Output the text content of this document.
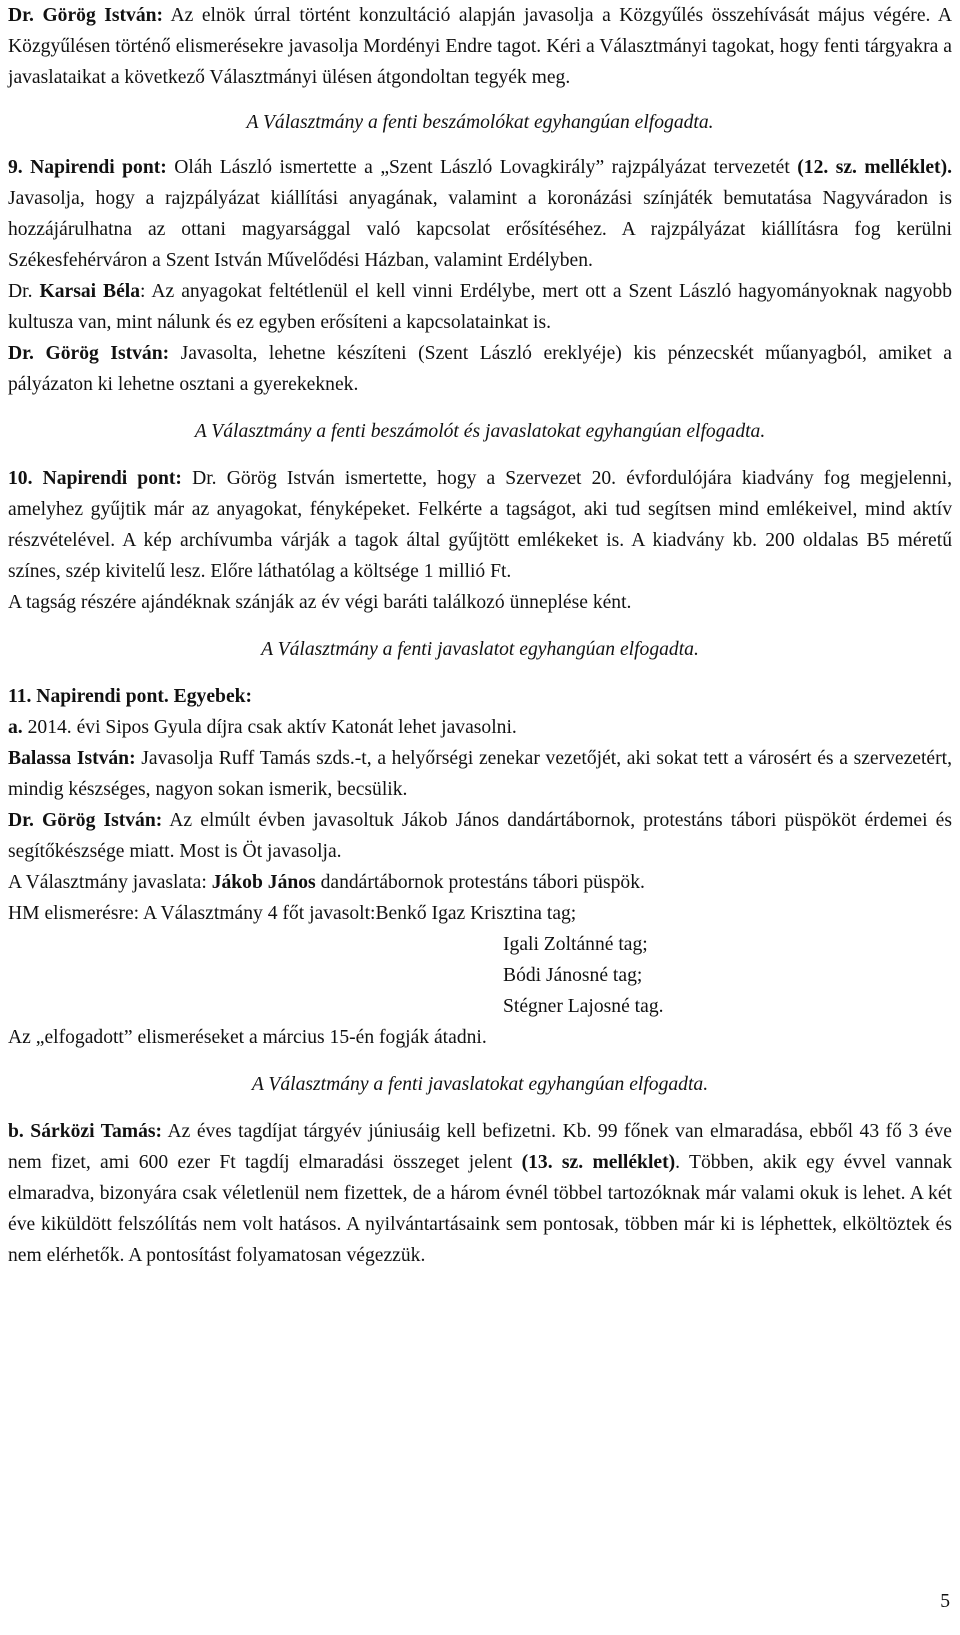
Dr. Görög István: Az elnök úrral történt konzultáció alapján javasolja a Közgyűlés összehívását május végére. A Közgyűlésen történő elismerésekre javasolja Mordényi Endre tagot. Kéri a Választmányi tagokat, hogy fenti tárgyakra a javaslataikat a következő Választmányi ülésen átgondoltan tegyék meg.

A Választmány a fenti beszámolókat egyhangúan elfogadta.

9. Napirendi pont: Oláh László ismertette a „Szent László Lovagkirály” rajzpályázat tervezetét (12. sz. melléklet). Javasolja, hogy a rajzpályázat kiállítási anyagának, valamint a koronázási színjáték bemutatása Nagyváradon is hozzájárulhatna az ottani magyarsággal való kapcsolat erősítéséhez. A rajzpályázat kiállításra fog kerülni Székesfehérváron a Szent István Művelődési Házban, valamint Erdélyben.

Dr. Karsai Béla: Az anyagokat feltétlenül el kell vinni Erdélybe, mert ott a Szent László hagyományoknak nagyobb kultusza van, mint nálunk és ez egyben erősíteni a kapcsolatainkat is.

Dr. Görög István: Javasolta, lehetne készíteni (Szent László ereklyéje) kis pénzecskét műanyagból, amiket a pályázaton ki lehetne osztani a gyerekeknek.

A Választmány a fenti beszámolót és javaslatokat egyhangúan elfogadta.

10. Napirendi pont: Dr. Görög István ismertette, hogy a Szervezet 20. évfordulójára kiadvány fog megjelenni, amelyhez gyűjtik már az anyagokat, fényképeket. Felkérte a tagságot, aki tud segítsen mind emlékeivel, mind aktív részvételével. A kép archívumba várják a tagok által gyűjtött emlékeket is. A kiadvány kb. 200 oldalas B5 méretű színes, szép kivitelű lesz. Előre láthatólag a költsége 1 millió Ft.

A tagság részére ajándéknak szánják az év végi baráti találkozó ünneplése ként.

A Választmány a fenti javaslatot egyhangúan elfogadta.

11. Napirendi pont. Egyebek:

a. 2014. évi Sipos Gyula díjra csak aktív Katonát lehet javasolni.

Balassa István: Javasolja Ruff Tamás szds.-t, a helyőrségi zenekar vezetőjét, aki sokat tett a városért és a szervezetért, mindig készséges, nagyon sokan ismerik, becsülik.

Dr. Görög István: Az elmúlt évben javasoltuk Jákob János dandártábornok, protestáns tábori püspököt érdemei és segítőkészsége miatt. Most is Öt javasolja.

A Választmány javaslata: Jákob János dandártábornok protestáns tábori püspök.

HM elismerésre: A Választmány 4 főt javasolt:Benkő Igaz Krisztina tag;

Igali Zoltánné tag;

Bódi Jánosné tag;

Stégner Lajosné tag.

Az „elfogadott” elismeréseket a március 15-én fogják átadni.

A Választmány a fenti javaslatokat egyhangúan elfogadta.

b. Sárközi Tamás: Az éves tagdíjat tárgyév júniusáig kell befizetni. Kb. 99 főnek van elmaradása, ebből 43 fő 3 éve nem fizet, ami 600 ezer Ft tagdíj elmaradási összeget jelent (13. sz. melléklet). Többen, akik egy évvel vannak elmaradva, bizonyára csak véletlenül nem fizettek, de a három évnél többel tartozóknak már valami okuk is lehet. A két éve kiküldött felszólítás nem volt hatásos. A nyilvántartásaink sem pontosak, többen már ki is léphettek, elköltöztek és nem elérhetők. A pontosítást folyamatosan végezzük.

5
